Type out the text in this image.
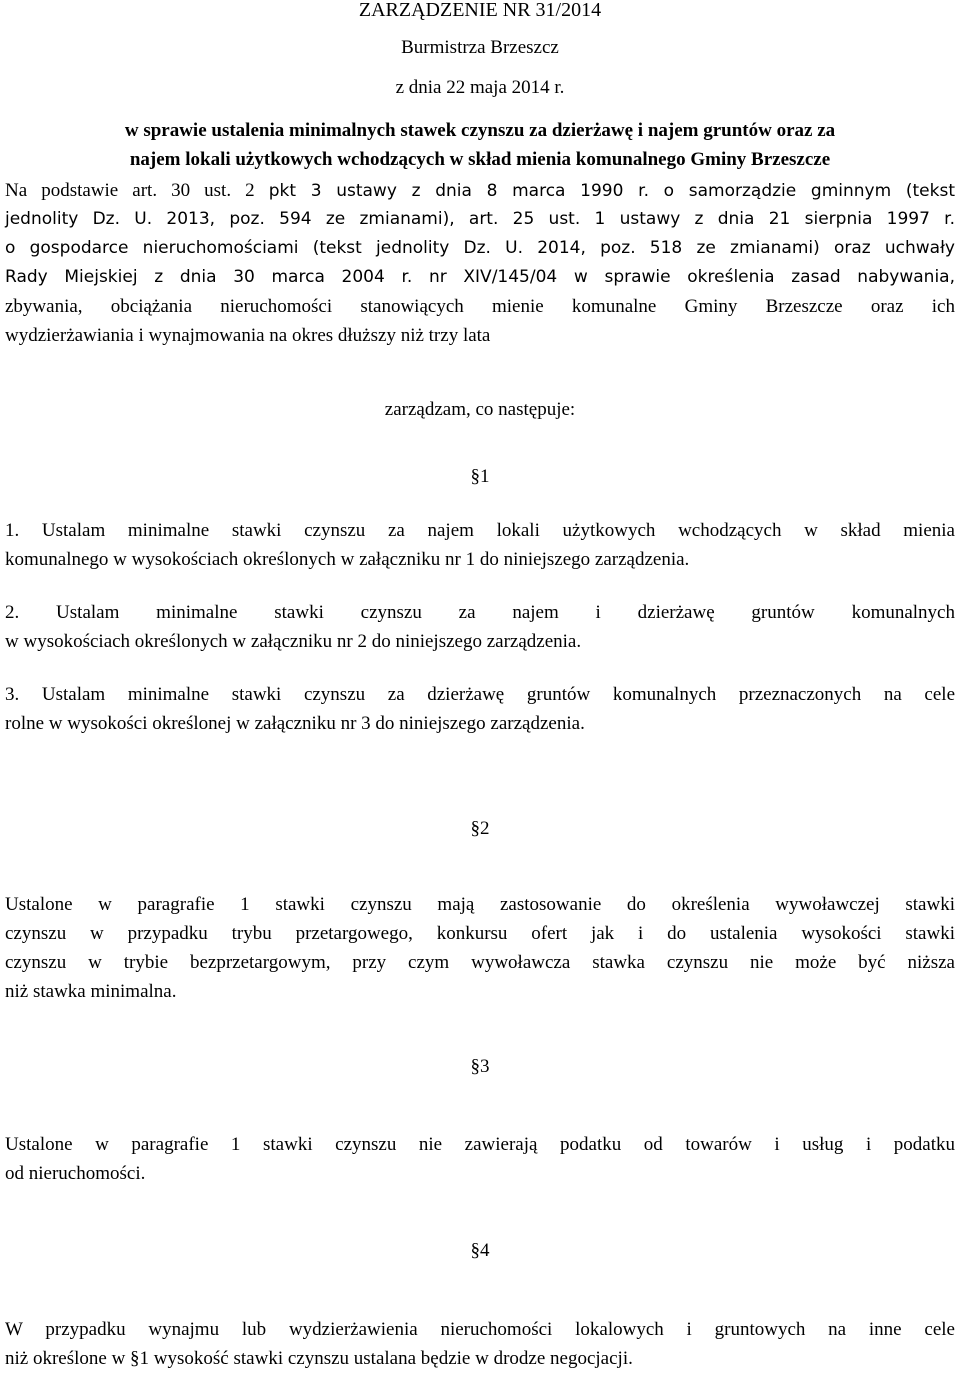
ZARZĄDZENIE NR 31/2014
Burmistrza Brzeszcz
z dnia 22 maja 2014 r.
w sprawie ustalenia minimalnych stawek czynszu za dzierżawę i najem gruntów oraz za
najem lokali użytkowych wchodzących w skład mienia komunalnego Gminy Brzeszcze
Na podstawie art. 30 ust. 2 pkt 3 ustawy z dnia 8 marca 1990 r. o samorządzie gminnym (tekst
jednolity Dz. U. 2013, poz. 594 ze zmianami), art. 25 ust. 1 ustawy z dnia 21 sierpnia 1997 r.
o gospodarce nieruchomościami (tekst jednolity Dz. U. 2014, poz. 518 ze zmianami) oraz uchwały
Rady Miejskiej z dnia 30 marca 2004 r. nr XIV/145/04 w sprawie określenia zasad nabywania,
zbywania, obciążania nieruchomości stanowiących mienie komunalne Gminy Brzeszcze oraz ich
wydzierżawiania i wynajmowania na okres dłuższy niż trzy lata
zarządzam, co następuje:
§1
1. Ustalam minimalne stawki czynszu za najem lokali użytkowych wchodzących w skład mienia
komunalnego w wysokościach określonych w załączniku nr 1 do niniejszego zarządzenia.
2. Ustalam minimalne stawki czynszu za najem i dzierżawę gruntów komunalnych
w wysokościach określonych w załączniku nr 2 do niniejszego zarządzenia.
3. Ustalam minimalne stawki czynszu za dzierżawę gruntów komunalnych przeznaczonych na cele
rolne w wysokości określonej w załączniku nr 3 do niniejszego zarządzenia.
§2
Ustalone w paragrafie 1 stawki czynszu mają zastosowanie do określenia wywoławczej stawki
czynszu w przypadku trybu przetargowego, konkursu ofert jak i do ustalenia wysokości stawki
czynszu w trybie bezprzetargowym, przy czym wywoławcza stawka czynszu nie może być niższa
niż stawka minimalna.
§3
Ustalone w paragrafie 1 stawki czynszu nie zawierają podatku od towarów i usług i podatku
od nieruchomości.
§4
W przypadku wynajmu lub wydzierżawienia nieruchomości lokalowych i gruntowych na inne cele
niż określone w §1 wysokość stawki czynszu ustalana będzie w drodze negocjacji.
